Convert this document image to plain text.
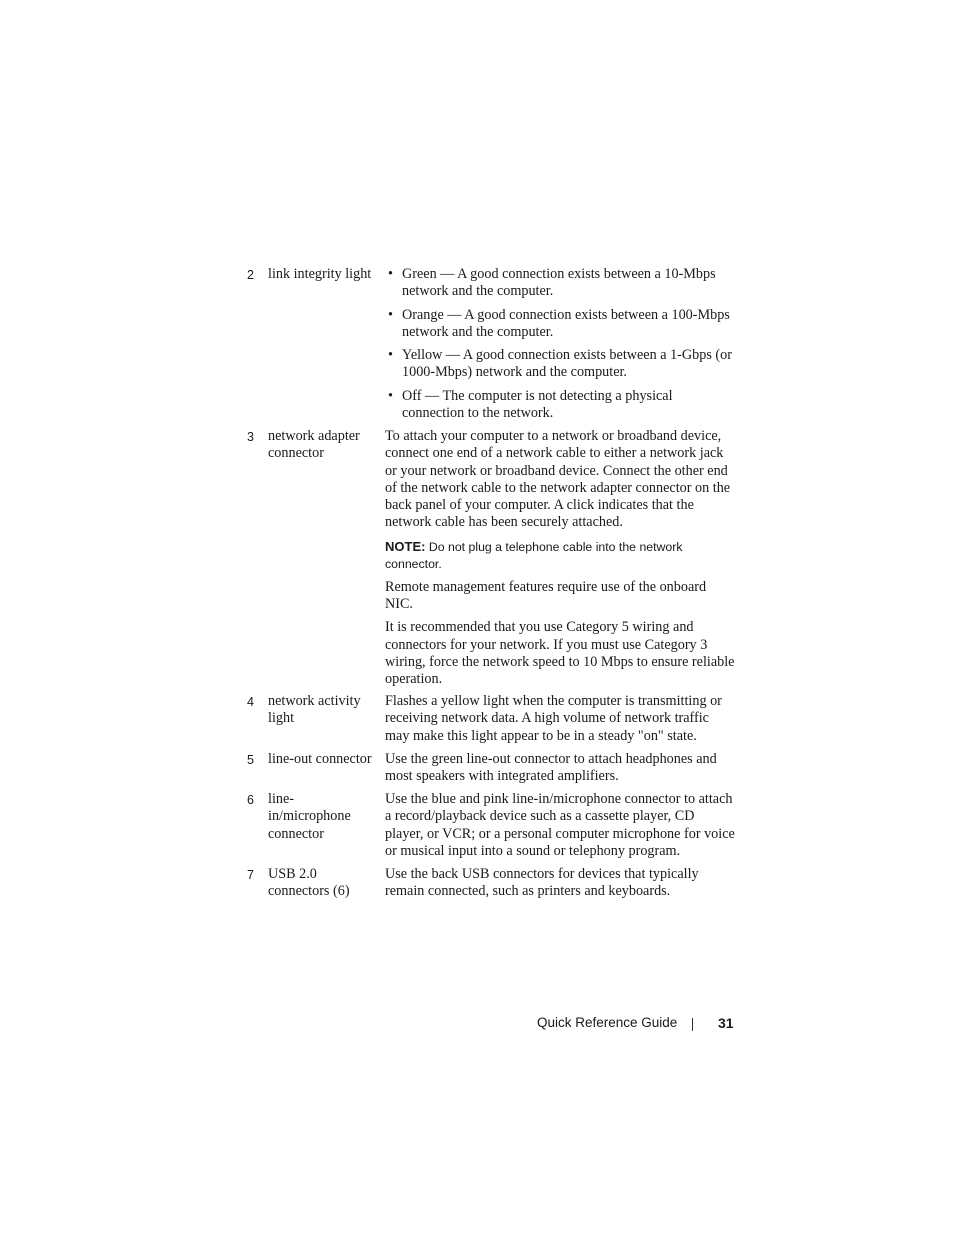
2 link integrity light	• Green — A good connection exists between a 10-Mbps network and the computer.
• Orange — A good connection exists between a 100-Mbps network and the computer.
• Yellow — A good connection exists between a 1-Gbps (or 1000-Mbps) network and the computer.
• Off — The computer is not detecting a physical connection to the network.
3 network adapter connector

To attach your computer to a network or broadband device, connect one end of a network cable to either a network jack or your network or broadband device. Connect the other end of the network cable to the network adapter connector on the back panel of your computer. A click indicates that the network cable has been securely attached.

NOTE: Do not plug a telephone cable into the network connector.

Remote management features require use of the onboard NIC.

It is recommended that you use Category 5 wiring and connectors for your network. If you must use Category 3 wiring, force the network speed to 10 Mbps to ensure reliable operation.

4 network activity light

Flashes a yellow light when the computer is transmitting or receiving network data. A high volume of network traffic may make this light appear to be in a steady "on" state.

5 line-out connector Use the green line-out connector to attach headphones and most speakers with integrated amplifiers.

6 line-in/microphone connector

Use the blue and pink line-in/microphone connector to attach a record/playback device such as a cassette player, CD player, or VCR; or a personal computer microphone for voice or musical input into a sound or telephony program.

7 USB 2.0 connectors (6)

Use the back USB connectors for devices that typically remain connected, such as printers and keyboards.

Quick Reference Guide	31
